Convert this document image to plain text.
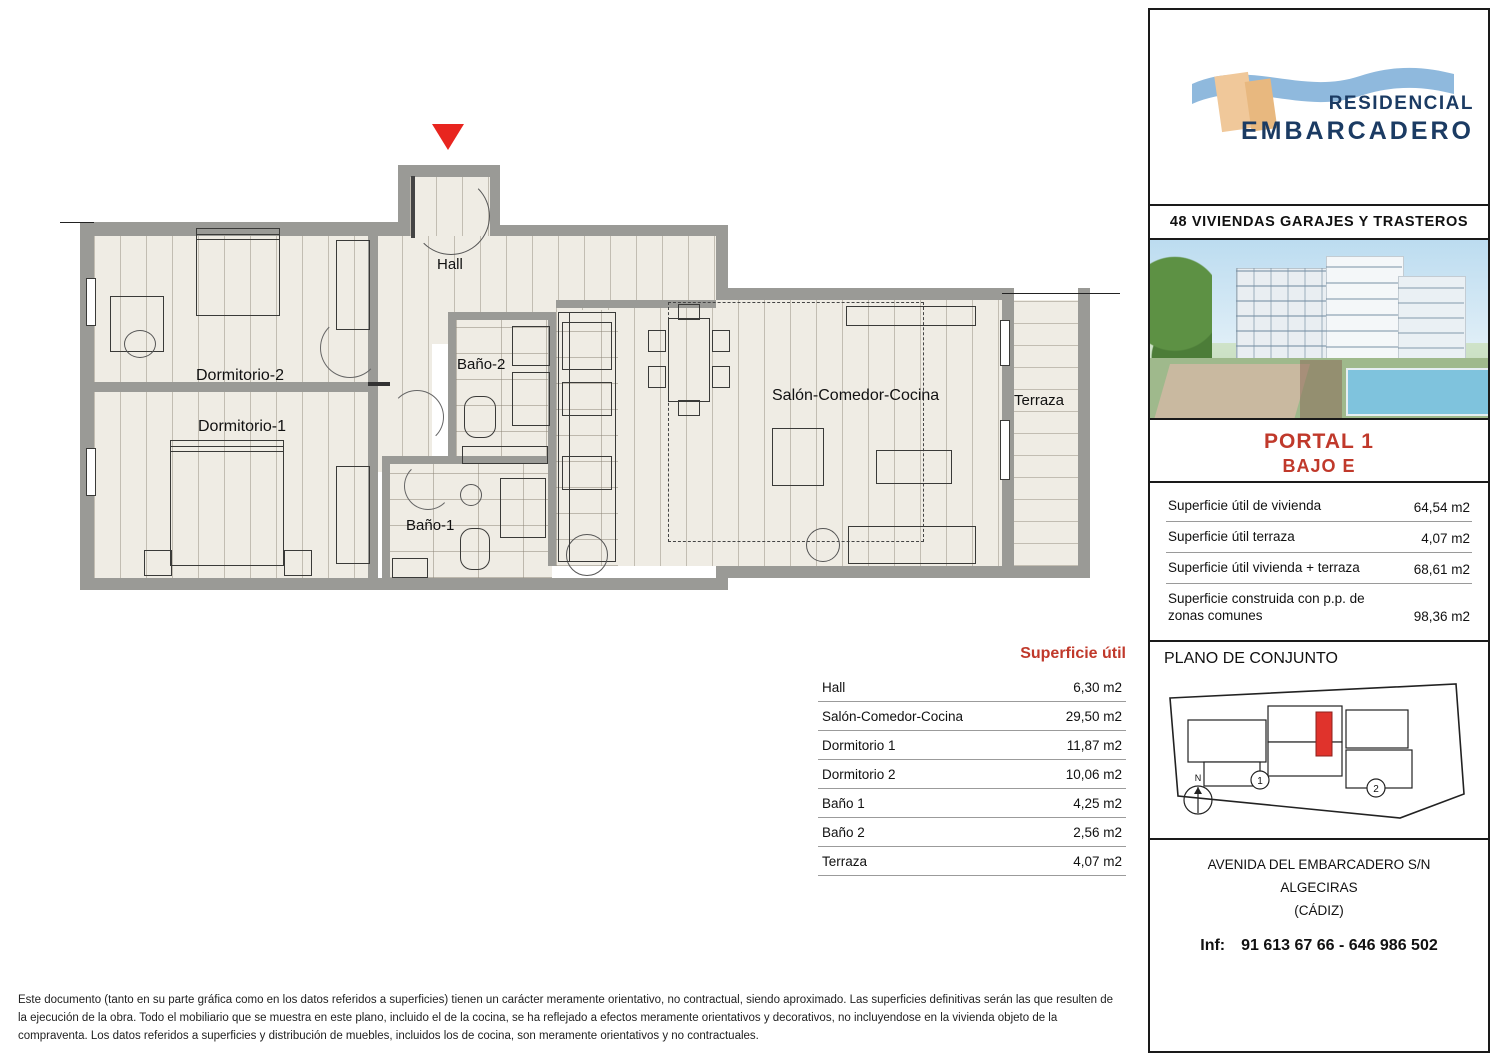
Hall
Dormitorio-2
Dormitorio-1
Baño-2
Baño-1
Salón-Comedor-Cocina	Terraza
Superficie útil
Hall	6,30 m2
Salón-Comedor-Cocina	29,50 m2
Dormitorio 1	11,87 m2
Dormitorio 2	10,06 m2
Baño 1	4,25 m2
Baño 2	2,56 m2
Terraza	4,07 m2
RESIDENCIAL
EMBARCADERO
48 VIVIENDAS GARAJES Y TRASTEROS
PORTAL 1
BAJO E
Superficie útil de vivienda	64,54 m2
Superficie útil terraza	4,07 m2
Superficie útil vivienda + terraza	68,61 m2
Superficie construida con p.p. de zonas comunes	98,36 m2
PLANO DE CONJUNTO
1
2
N
AVENIDA DEL EMBARCADERO S/N
ALGECIRAS
(CÁDIZ)
Inf: 91 613 67 66 - 646 986 502
Este documento (tanto en su parte gráfica como en los datos referidos a superficies) tienen un carácter meramente orientativo, no contractual, siendo aproximado. Las superficies definitivas serán las que resulten de la ejecución de la obra. Todo el mobiliario que se muestra en este plano, incluido el de la cocina, se ha reflejado a efectos meramente orientativos y decorativos, no incluyendose en la vivienda objeto de la compraventa. Los datos referidos a superficies y distribución de muebles, incluidos los de cocina, son meramente orientativos y no contractuales.
